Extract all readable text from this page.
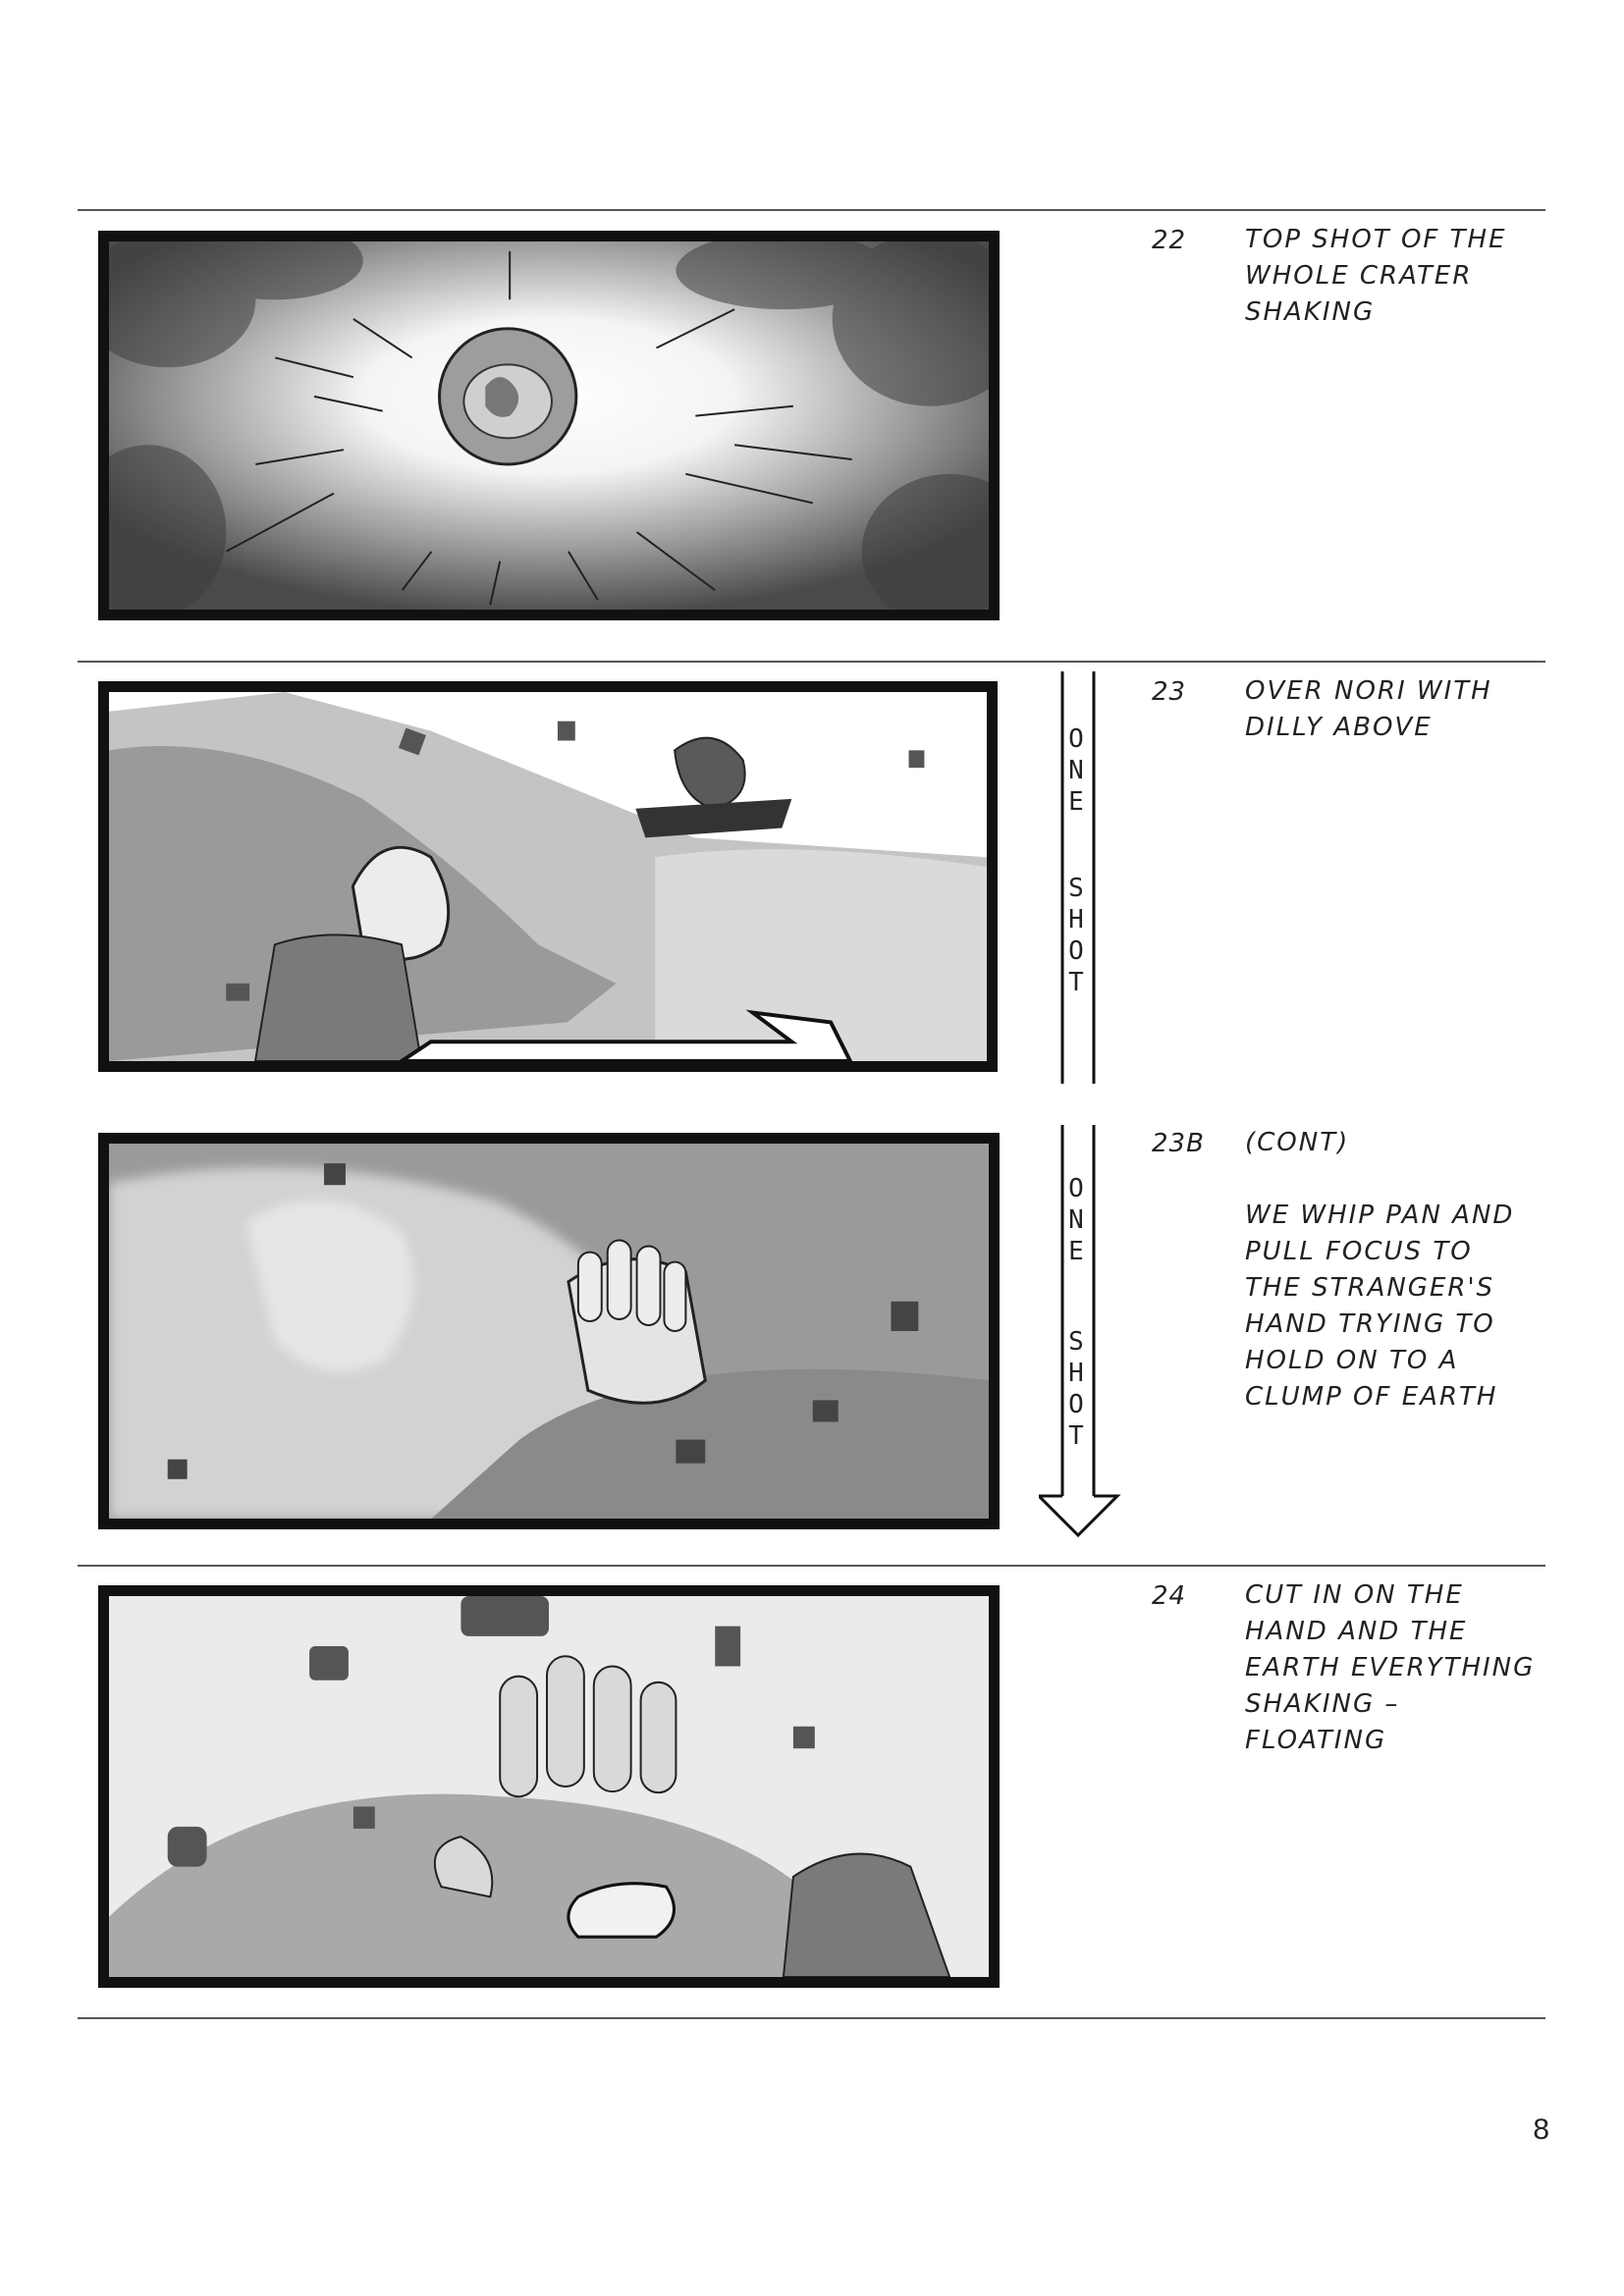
22 TOP SHOT OF THE
WHOLE CRATER
SHAKING
O
N
E
S
H
O
T
O
N
E
S
H
O
T
23 OVER NORI WITH
DILLY ABOVE
23B (CONT)
WE WHIP PAN AND
PULL FOCUS TO
THE STRANGER'S
HAND TRYING TO
HOLD ON TO A
CLUMP OF EARTH
24 CUT IN ON THE
HAND AND THE
EARTH EVERYTHING
SHAKING –
FLOATING
8
